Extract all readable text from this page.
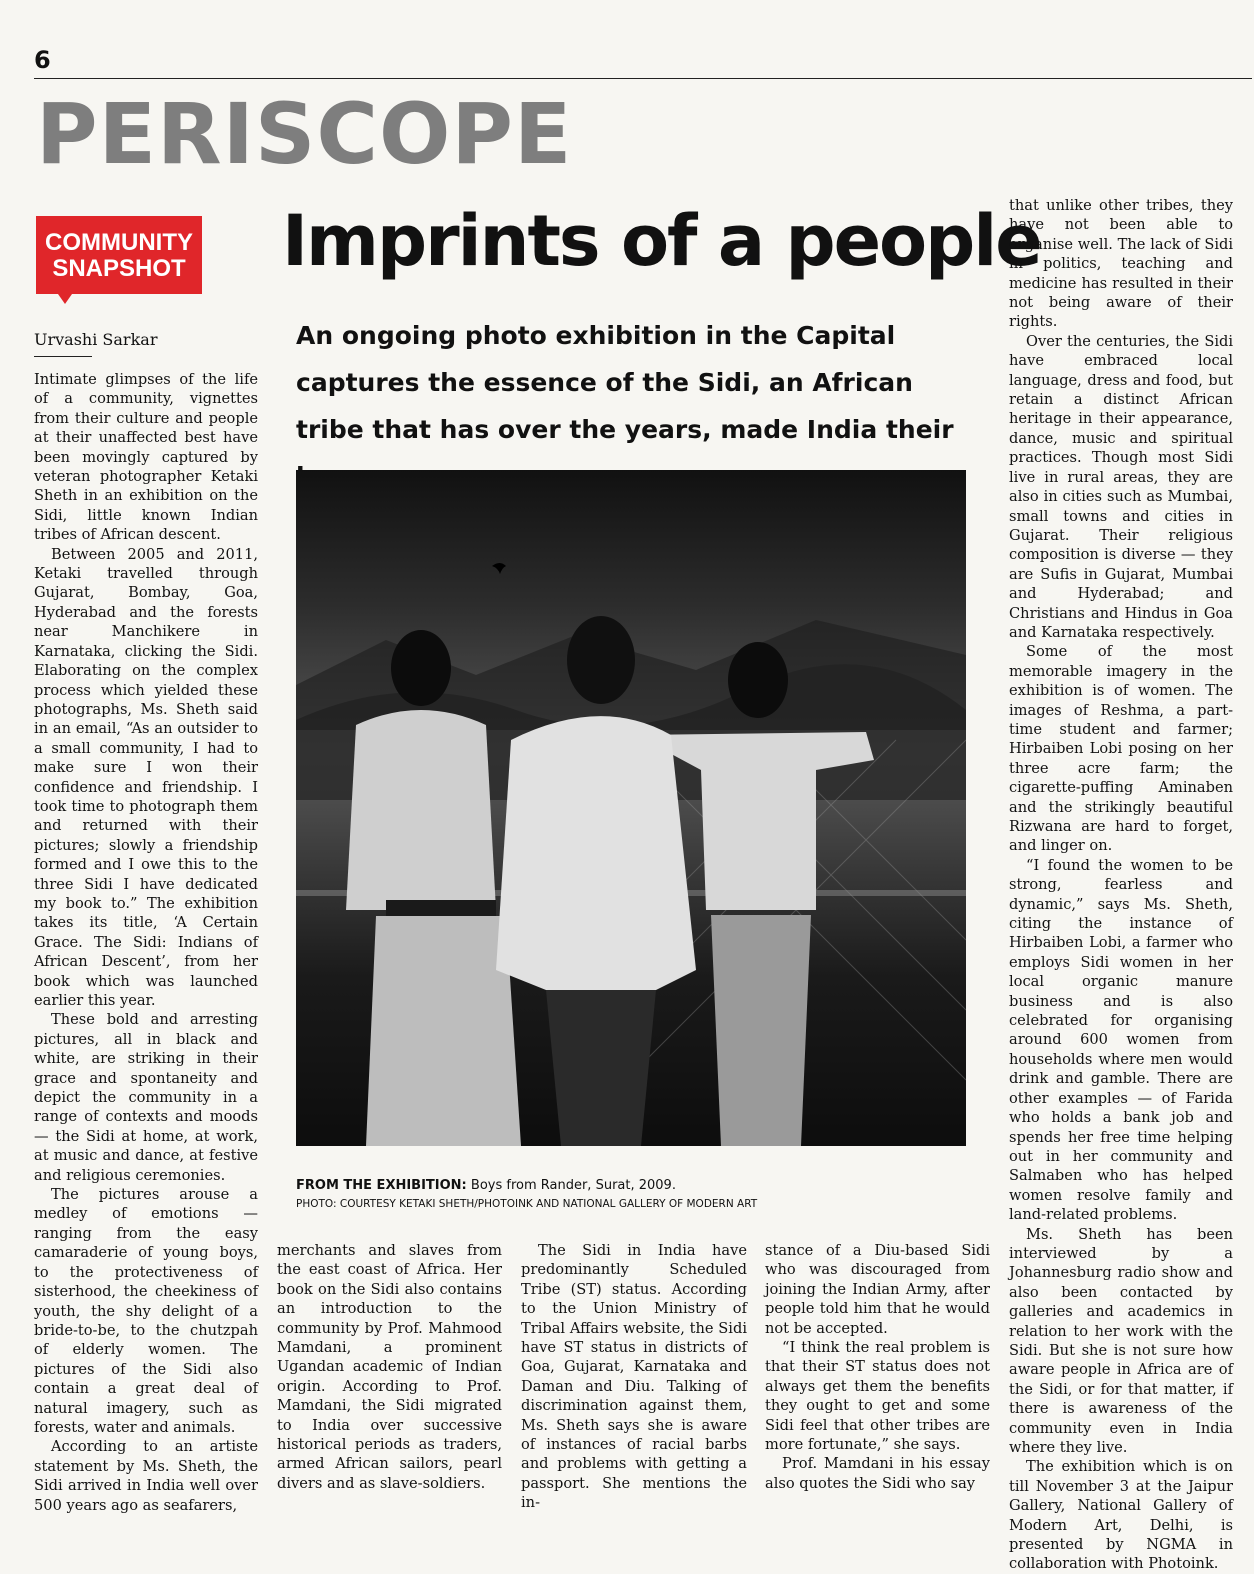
6
PERISCOPE
COMMUNITY
SNAPSHOT
Urvashi Sarkar
Imprints of a people
An ongoing photo exhibition in the Capital captures the essence of the Sidi, an African tribe that has over the years, made India their
FROM THE EXHIBITION: Boys from Rander, Surat, 2009.
PHOTO: COURTESY KETAKI SHETH/PHOTOINK AND NATIONAL GALLERY OF MODERN ART

Intimate glimpses of the life of a community, vignettes from their culture and people at their unaffected best have been movingly captured by veteran photographer Ketaki Sheth in an exhibition on the Sidi, little known Indian tribes of African descent.

Between 2005 and 2011, Ketaki travelled through Gujarat, Bombay, Goa, Hyderabad and the forests near Manchikere in Karnataka, clicking the Sidi. Elaborating on the complex process which yielded these photographs, Ms. Sheth said in an email, “As an outsider to a small community, I had to make sure I won their confidence and friendship. I took time to photograph them and returned with their pictures; slowly a friendship formed and I owe this to the three Sidi I have dedicated my book to.” The exhibition takes its title, ‘A Certain Grace. The Sidi: Indians of African Descent’, from her book which was launched earlier this year.

These bold and arresting pictures, all in black and white, are striking in their grace and spontaneity and depict the community in a range of contexts and moods — the Sidi at home, at work, at music and dance, at festive and religious ceremonies.

The pictures arouse a medley of emotions — ranging from the easy camaraderie of young boys, to the protectiveness of sisterhood, the cheekiness of youth, the shy delight of a bride-to-be, to the chutzpah of elderly women. The pictures of the Sidi also contain a great deal of natural imagery, such as forests, water and animals.

According to an artiste statement by Ms. Sheth, the Sidi arrived in India well over 500 years ago as seafarers,

merchants and slaves from the east coast of Africa. Her book on the Sidi also contains an introduction to the community by Prof. Mahmood Mamdani, a prominent Ugandan academic of Indian origin. According to Prof. Mamdani, the Sidi migrated to India over successive historical periods as traders, armed African sailors, pearl divers and as slave-soldiers.

The Sidi in India have predominantly Scheduled Tribe (ST) status. According to the Union Ministry of Tribal Affairs website, the Sidi have ST status in districts of Goa, Gujarat, Karnataka and Daman and Diu. Talking of discrimination against them, Ms. Sheth says she is aware of instances of racial barbs and problems with getting a passport. She mentions the in-

stance of a Diu-based Sidi who was discouraged from joining the Indian Army, after people told him that he would not be accepted.

“I think the real problem is that their ST status does not always get them the benefits they ought to get and some Sidi feel that other tribes are more fortunate,” she says.

Prof. Mamdani in his essay also quotes the Sidi who say

that unlike other tribes, they have not been able to organise well. The lack of Sidi in politics, teaching and medicine has resulted in their not being aware of their rights.

Over the centuries, the Sidi have embraced local language, dress and food, but retain a distinct African heritage in their appearance, dance, music and spiritual practices. Though most Sidi live in rural areas, they are also in cities such as Mumbai, small towns and cities in Gujarat. Their religious composition is diverse — they are Sufis in Gujarat, Mumbai and Hyderabad; and Christians and Hindus in Goa and Karnataka respectively.

Some of the most memorable imagery in the exhibition is of women. The images of Reshma, a part-time student and farmer; Hirbaiben Lobi posing on her three acre farm; the cigarette-puffing Aminaben and the strikingly beautiful Rizwana are hard to forget, and linger on.

“I found the women to be strong, fearless and dynamic,” says Ms. Sheth, citing the instance of Hirbaiben Lobi, a farmer who employs Sidi women in her local organic manure business and is also celebrated for organising around 600 women from households where men would drink and gamble. There are other examples — of Farida who holds a bank job and spends her free time helping out in her community and Salmaben who has helped women resolve family and land-related problems.

Ms. Sheth has been interviewed by a Johannesburg radio show and also been contacted by galleries and academics in relation to her work with the Sidi. But she is not sure how aware people in Africa are of the Sidi, or for that matter, if there is awareness of the community even in India where they live.

The exhibition which is on till November 3 at the Jaipur Gallery, National Gallery of Modern Art, Delhi, is presented by NGMA in collaboration with Photoink.
